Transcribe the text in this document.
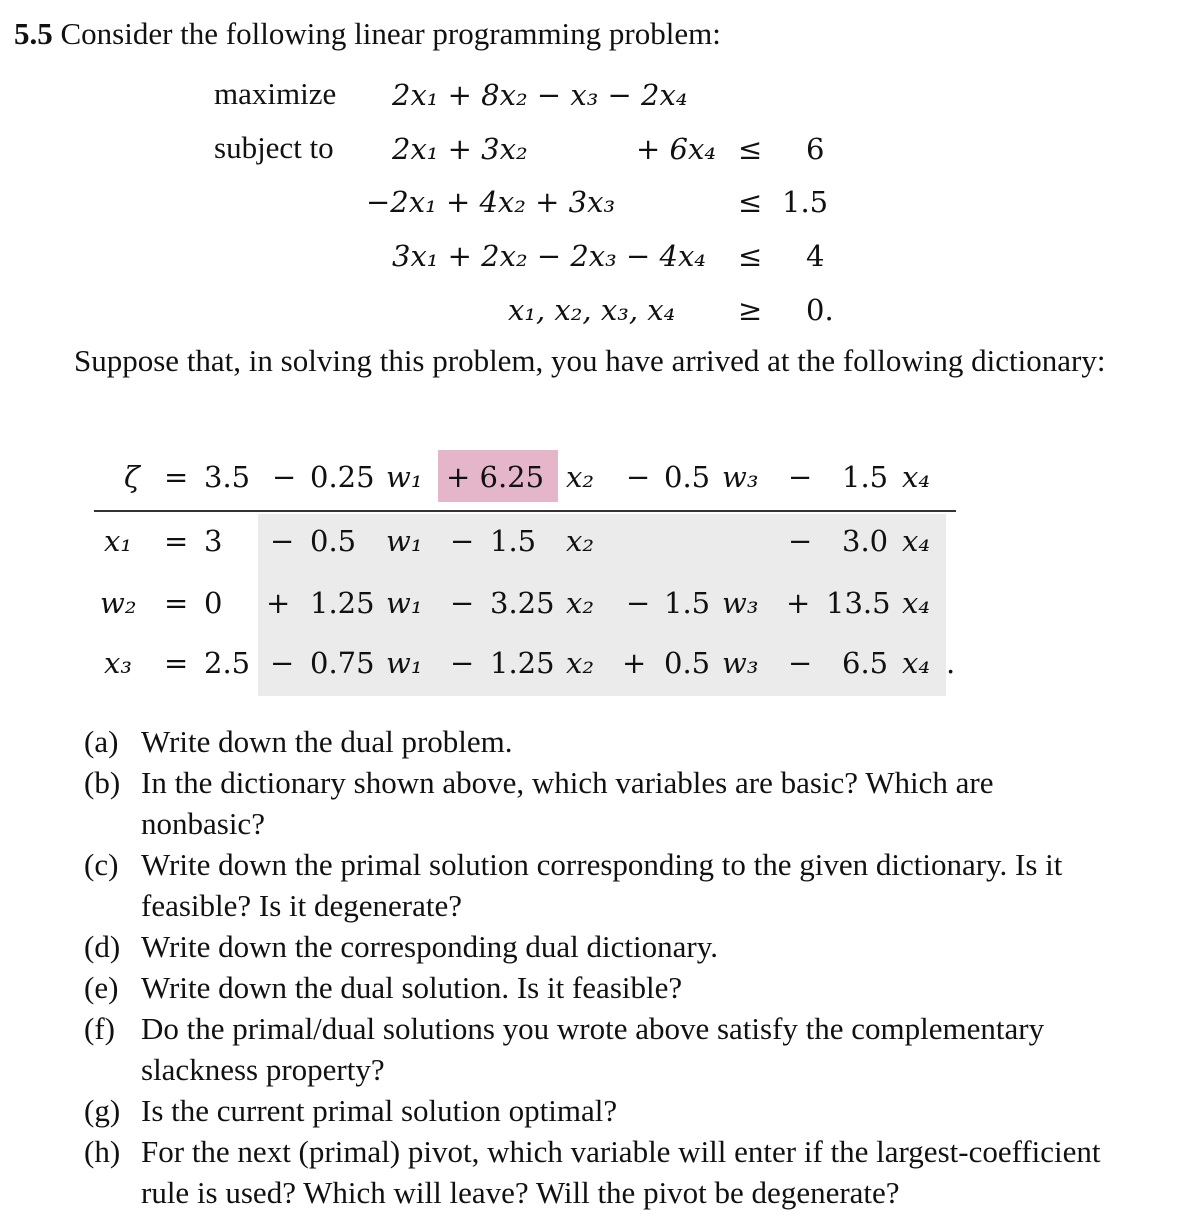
5.5 Consider the following linear programming problem:
maximize 2x₁ + 8x₂ − x₃ − 2x₄
subject to 2x₁ + 3x₂	+ 6x₄ ≤ 6
−2x₁ + 4x₂ + 3x₃	≤ 1.5
3x₁ + 2x₂ − 2x₃ − 4x₄ ≤ 4
x₁, x₂, x₃, x₄ ≥ 0.
Suppose that, in solving this problem, you have arrived at the following dictionary:
ζ = 3.5 − 0.25 w₁ + 6.25 x₂ − 0.5 w₃ − 1.5 x₄
x₁ = 3 − 0.5 w₁ − 1.5 x₂	− 3.0 x₄
w₂ = 0 + 1.25 w₁ − 3.25 x₂ − 1.5 w₃ + 13.5 x₄
x₃ = 2.5 − 0.75 w₁ − 1.25 x₂ + 0.5 w₃ − 6.5 x₄ .
(a) Write down the dual problem.
(b) In the dictionary shown above, which variables are basic? Which are nonbasic?
(c) Write down the primal solution corresponding to the given dictionary. Is it feasible? Is it degenerate?
(d) Write down the corresponding dual dictionary.
(e) Write down the dual solution. Is it feasible?
(f) Do the primal/dual solutions you wrote above satisfy the complementary slackness property?
(g) Is the current primal solution optimal?
(h) For the next (primal) pivot, which variable will enter if the largest-coefficient rule is used? Which will leave? Will the pivot be degenerate?
